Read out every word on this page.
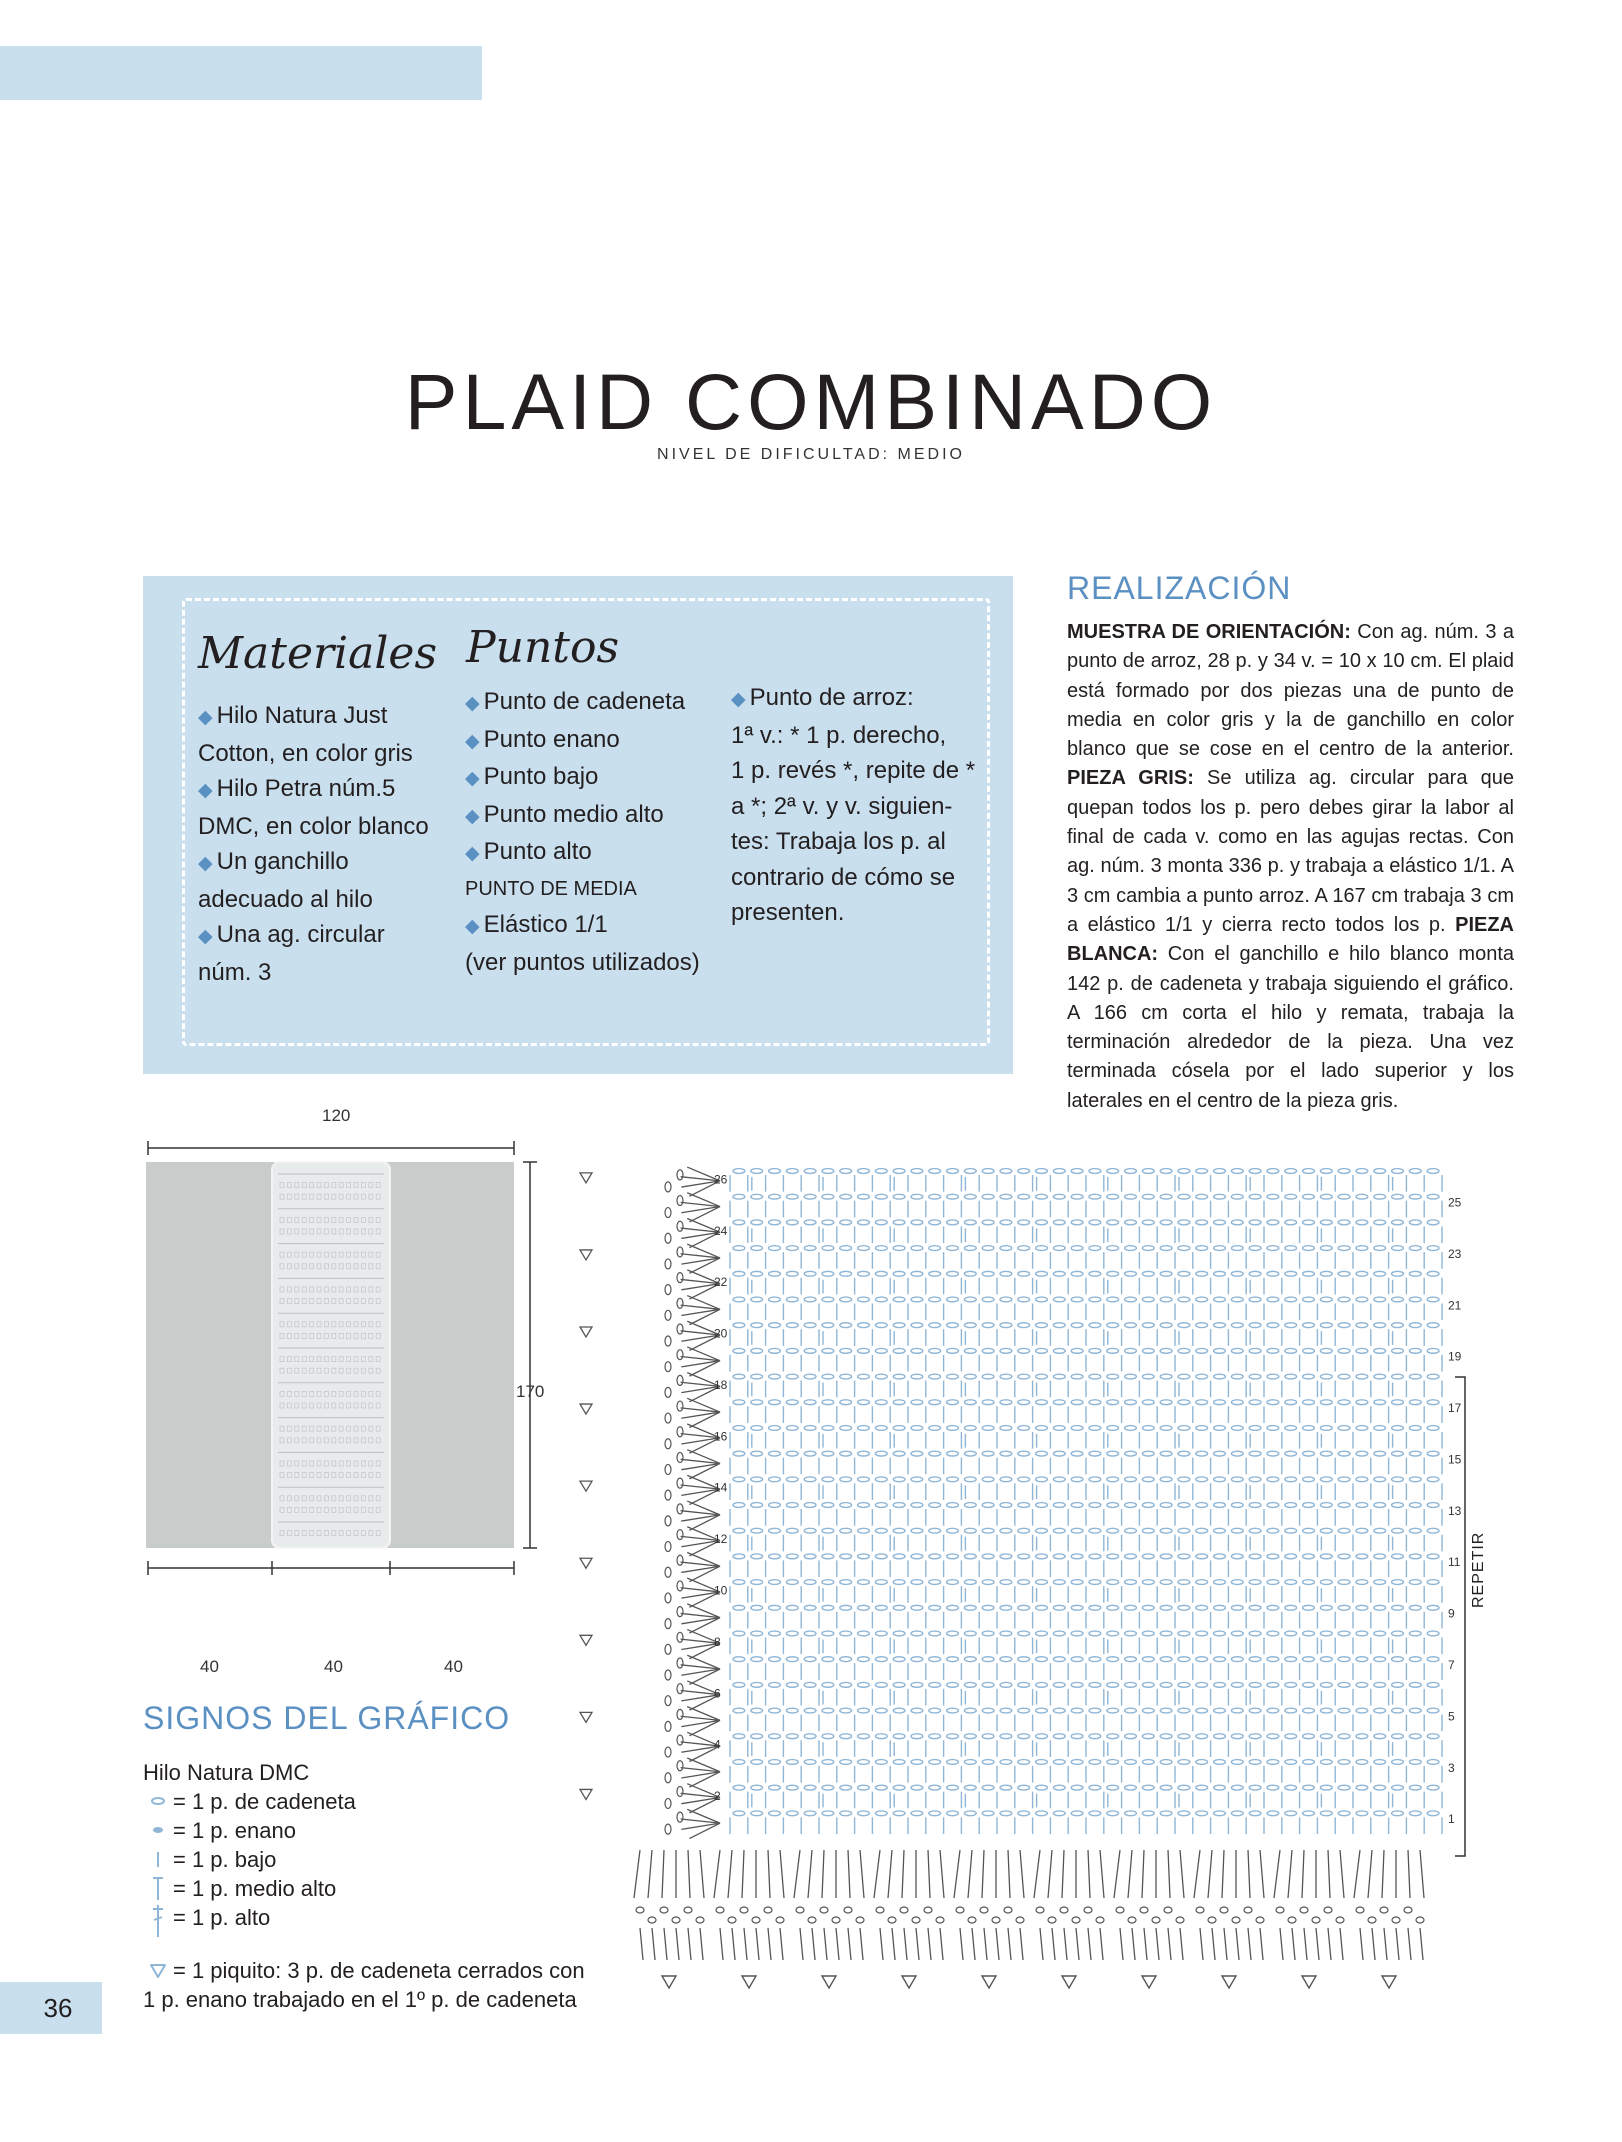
PLAID COMBINADO
NIVEL DE DIFICULTAD: MEDIO
Materiales
◆ Hilo Natura Just
Cotton, en color gris
◆ Hilo Petra núm.5
DMC, en color blanco
◆ Un ganchillo
adecuado al hilo
◆ Una ag. circular
núm. 3
Puntos
◆ Punto de cadeneta
◆ Punto enano
◆ Punto bajo
◆ Punto medio alto
◆ Punto alto
PUNTO DE MEDIA
◆ Elástico 1/1
(ver puntos utilizados)
◆ Punto de arroz:
1ª v.: * 1 p. derecho,
1 p. revés *, repite de *
a *; 2ª v. y v. siguien-
tes: Trabaja los p. al
contrario de cómo se
presenten.
REALIZACIÓN
MUESTRA DE ORIENTACIÓN: Con ag. núm. 3 a punto de arroz, 28 p. y 34 v. = 10 x 10 cm. El plaid está formado por dos piezas una de punto de media en color gris y la de ganchillo en color blanco que se cose en el centro de la anterior. PIEZA GRIS: Se utiliza ag. circular para que quepan todos los p. pero debes girar la labor al final de cada v. como en las agujas rectas. Con ag. núm. 3 monta 336 p. y trabaja a elástico 1/1. A 3 cm cambia a punto arroz. A 167 cm trabaja 3 cm a elástico 1/1 y cierra recto todos los p. PIEZA BLANCA: Con el ganchillo e hilo blanco monta 142 p. de cadeneta y trabaja siguiendo el gráfico. A 166 cm corta el hilo y remata, trabaja la terminación alrededor de la pieza. Una vez terminada cósela por el lado superior y los laterales en el centro de la pieza gris.
120
170
40	40	40
25
23
21
19
17
15
13
11
9
7
5
3
1
26
24
22
20
18
16
14
12
10
8
6
4
2
REPETIR
SIGNOS DEL GRÁFICO
Hilo Natura DMC
= 1 p. de cadeneta
= 1 p. enano
= 1 p. bajo
= 1 p. medio alto
= 1 p. alto
= 1 piquito: 3 p. de cadeneta cerrados con
1 p. enano trabajado en el 1º p. de cadeneta
36
